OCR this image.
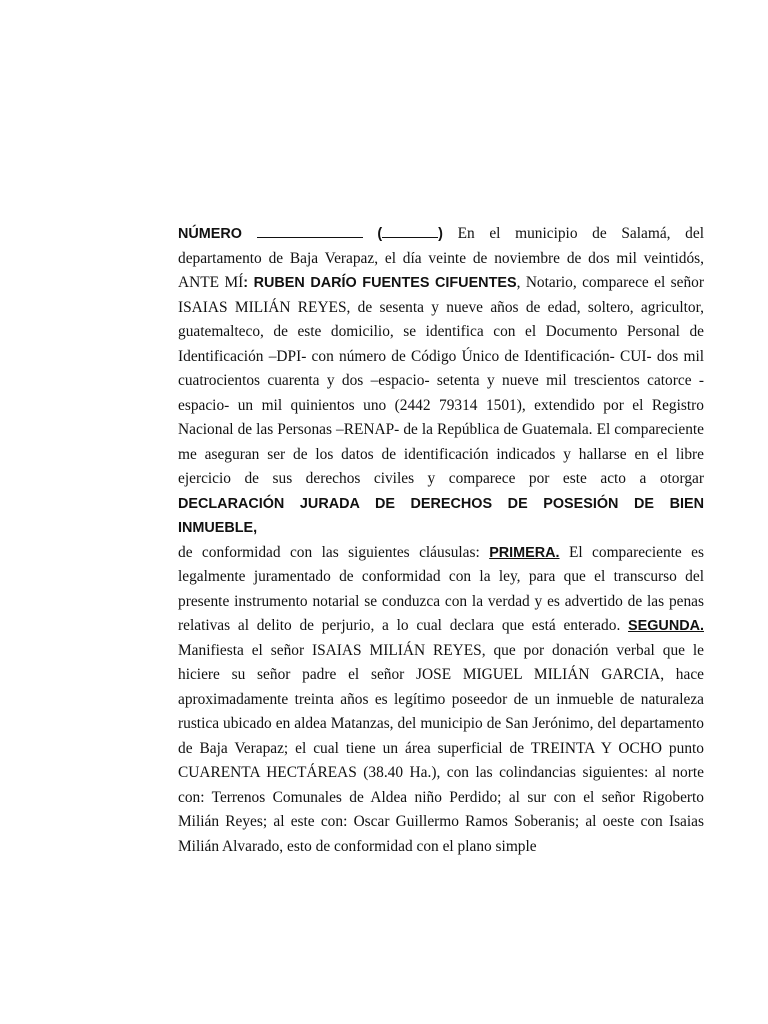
NÚMERO	(	) En el municipio de Salamá, del departamento de Baja Verapaz, el día veinte de noviembre de dos mil veintidós, ANTE MÍ: RUBEN DARÍO FUENTES CIFUENTES, Notario, comparece el señor ISAIAS MILIÁN REYES, de sesenta y nueve años de edad, soltero, agricultor, guatemalteco, de este domicilio, se identifica con el Documento Personal de Identificación –DPI- con número de Código Único de Identificación- CUI- dos mil cuatrocientos cuarenta y dos –espacio- setenta y nueve mil trescientos catorce - espacio- un mil quinientos uno (2442 79314 1501), extendido por el Registro Nacional de las Personas –RENAP- de la República de Guatemala. El compareciente me aseguran ser de los datos de identificación indicados y hallarse en el libre ejercicio de sus derechos civiles y comparece por este acto a otorgar DECLARACIÓN JURADA DE DERECHOS DE POSESIÓN DE BIEN INMUEBLE,

de conformidad con las siguientes cláusulas: PRIMERA. El compareciente es legalmente juramentado de conformidad con la ley, para que el transcurso del presente instrumento notarial se conduzca con la verdad y es advertido de las penas relativas al delito de perjurio, a lo cual declara que está enterado. SEGUNDA. Manifiesta el señor ISAIAS MILIÁN REYES, que por donación verbal que le hiciere su señor padre el señor JOSE MIGUEL MILIÁN GARCIA, hace aproximadamente treinta años es legítimo poseedor de un inmueble de naturaleza rustica ubicado en aldea Matanzas, del municipio de San Jerónimo, del departamento de Baja Verapaz; el cual tiene un área superficial de TREINTA Y OCHO punto CUARENTA HECTÁREAS (38.40 Ha.), con las colindancias siguientes: al norte con: Terrenos Comunales de Aldea niño Perdido; al sur con el señor Rigoberto Milián Reyes; al este con: Oscar Guillermo Ramos Soberanis; al oeste con Isaias Milián Alvarado, esto de conformidad con el plano simple
